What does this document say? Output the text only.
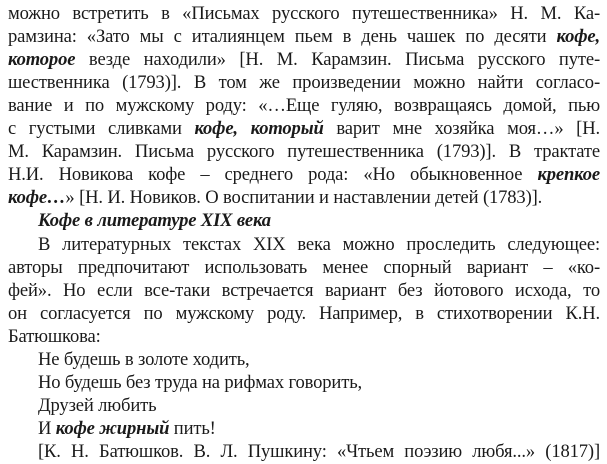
можно встретить в «Письмах русского путешественника» Н. М. Ка-
рамзина: «Зато мы с италиянцем пьем в день чашек по десяти кофе,
которое везде находили» [Н. М. Карамзин. Письма русского путе-
шественника (1793)]. В том же произведении можно найти согласо-
вание и по мужскому роду: «…Еще гуляю, возвращаясь домой, пью
с густыми сливками кофе, который варит мне хозяйка моя…» [Н.
М. Карамзин. Письма русского путешественника (1793)]. В трактате
Н.И. Новикова кофе – среднего рода: «Но обыкновенное крепкое
кофе…» [Н. И. Новиков. О воспитании и наставлении детей (1783)].
Кофе в литературе XIX века
В литературных текстах XIX века можно проследить следующее:
авторы предпочитают использовать менее спорный вариант – «ко-
фей». Но если все-таки встречается вариант без йотового исхода, то
он согласуется по мужскому роду. Например, в стихотворении К.Н.
Батюшкова:
Не будешь в золоте ходить,
Но будешь без труда на рифмах говорить,
Друзей любить
И кофе жирный пить!
[К. Н. Батюшков. В. Л. Пушкину: «Чтьем поэзию любя...» (1817)]
